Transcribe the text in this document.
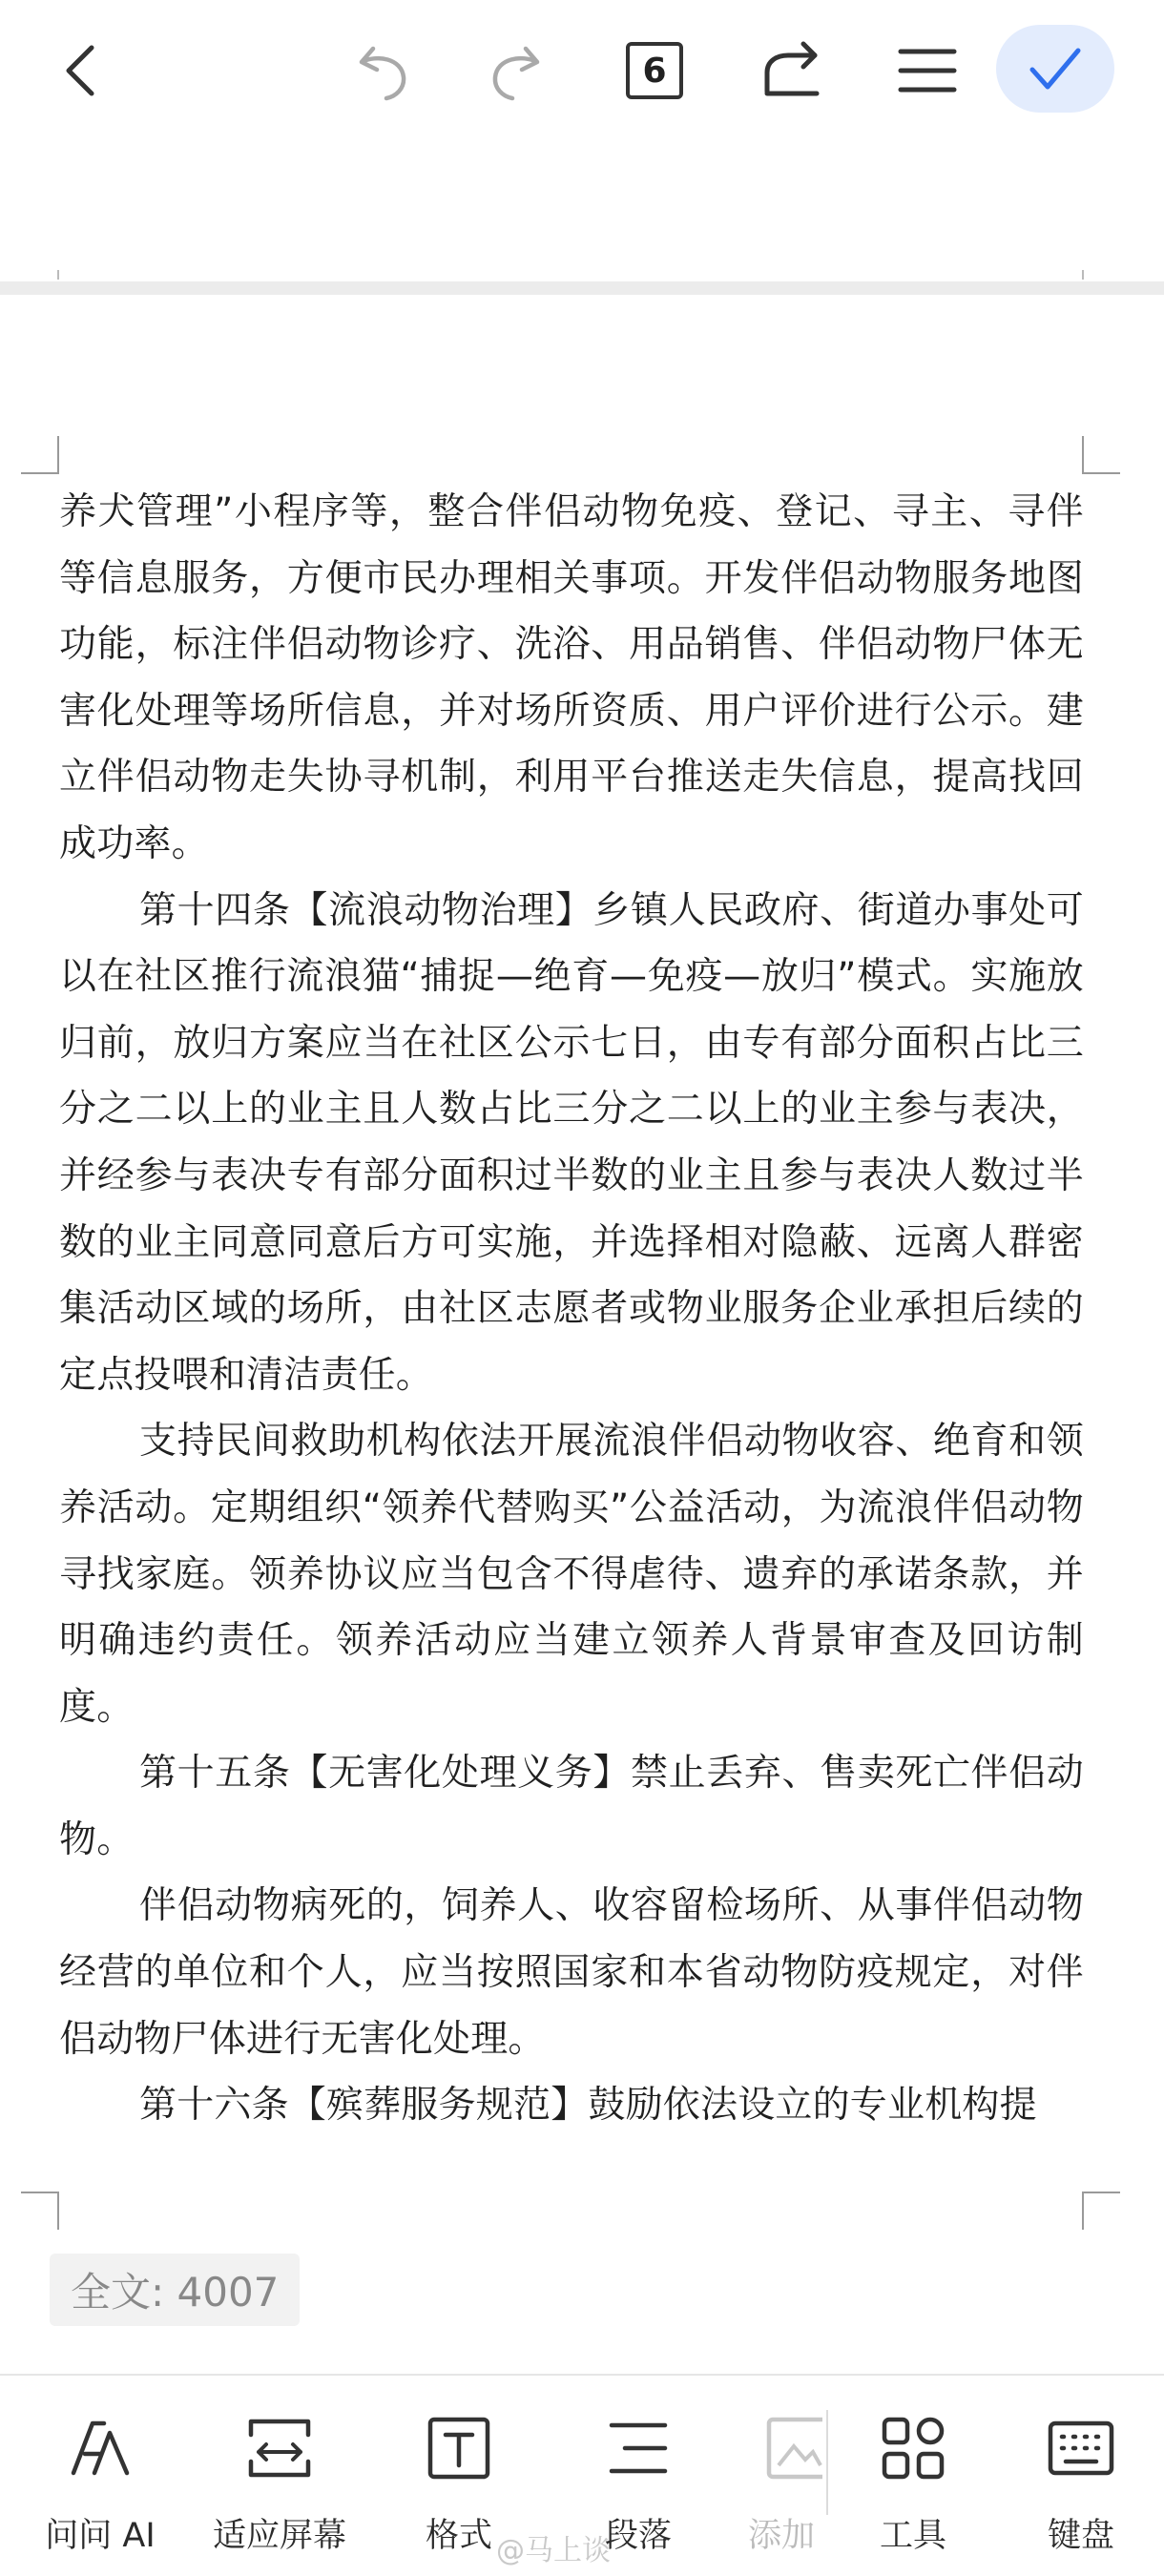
6

养犬管理”小程序等，整合伴侣动物免疫、登记、寻主、寻伴等信息服务，方便市民办理相关事项。开发伴侣动物服务地图功能，标注伴侣动物诊疗、洗浴、用品销售、伴侣动物尸体无害化处理等场所信息，并对场所资质、用户评价进行公示。建立伴侣动物走失协寻机制，利用平台推送走失信息，提高找回成功率。

第十四条【流浪动物治理】乡镇人民政府、街道办事处可以在社区推行流浪猫“捕捉—绝育—免疫—放归”模式。实施放归前，放归方案应当在社区公示七日，由专有部分面积占比三分之二以上的业主且人数占比三分之二以上的业主参与表决，并经参与表决专有部分面积过半数的业主且参与表决人数过半数的业主同意同意后方可实施，并选择相对隐蔽、远离人群密集活动区域的场所，由社区志愿者或物业服务企业承担后续的定点投喂和清洁责任。

支持民间救助机构依法开展流浪伴侣动物收容、绝育和领养活动。定期组织“领养代替购买”公益活动，为流浪伴侣动物寻找家庭。领养协议应当包含不得虐待、遗弃的承诺条款，并明确违约责任。领养活动应当建立领养人背景审查及回访制度。

第十五条【无害化处理义务】禁止丢弃、售卖死亡伴侣动物。

伴侣动物病死的，饲养人、收容留检场所、从事伴侣动物经营的单位和个人，应当按照国家和本省动物防疫规定，对伴侣动物尸体进行无害化处理。

第十六条【殡葬服务规范】鼓励依法设立的专业机构提

全文: 4007
问问 AI	适应屏幕	格式	段落	添加	工具	键盘
@马上谈
